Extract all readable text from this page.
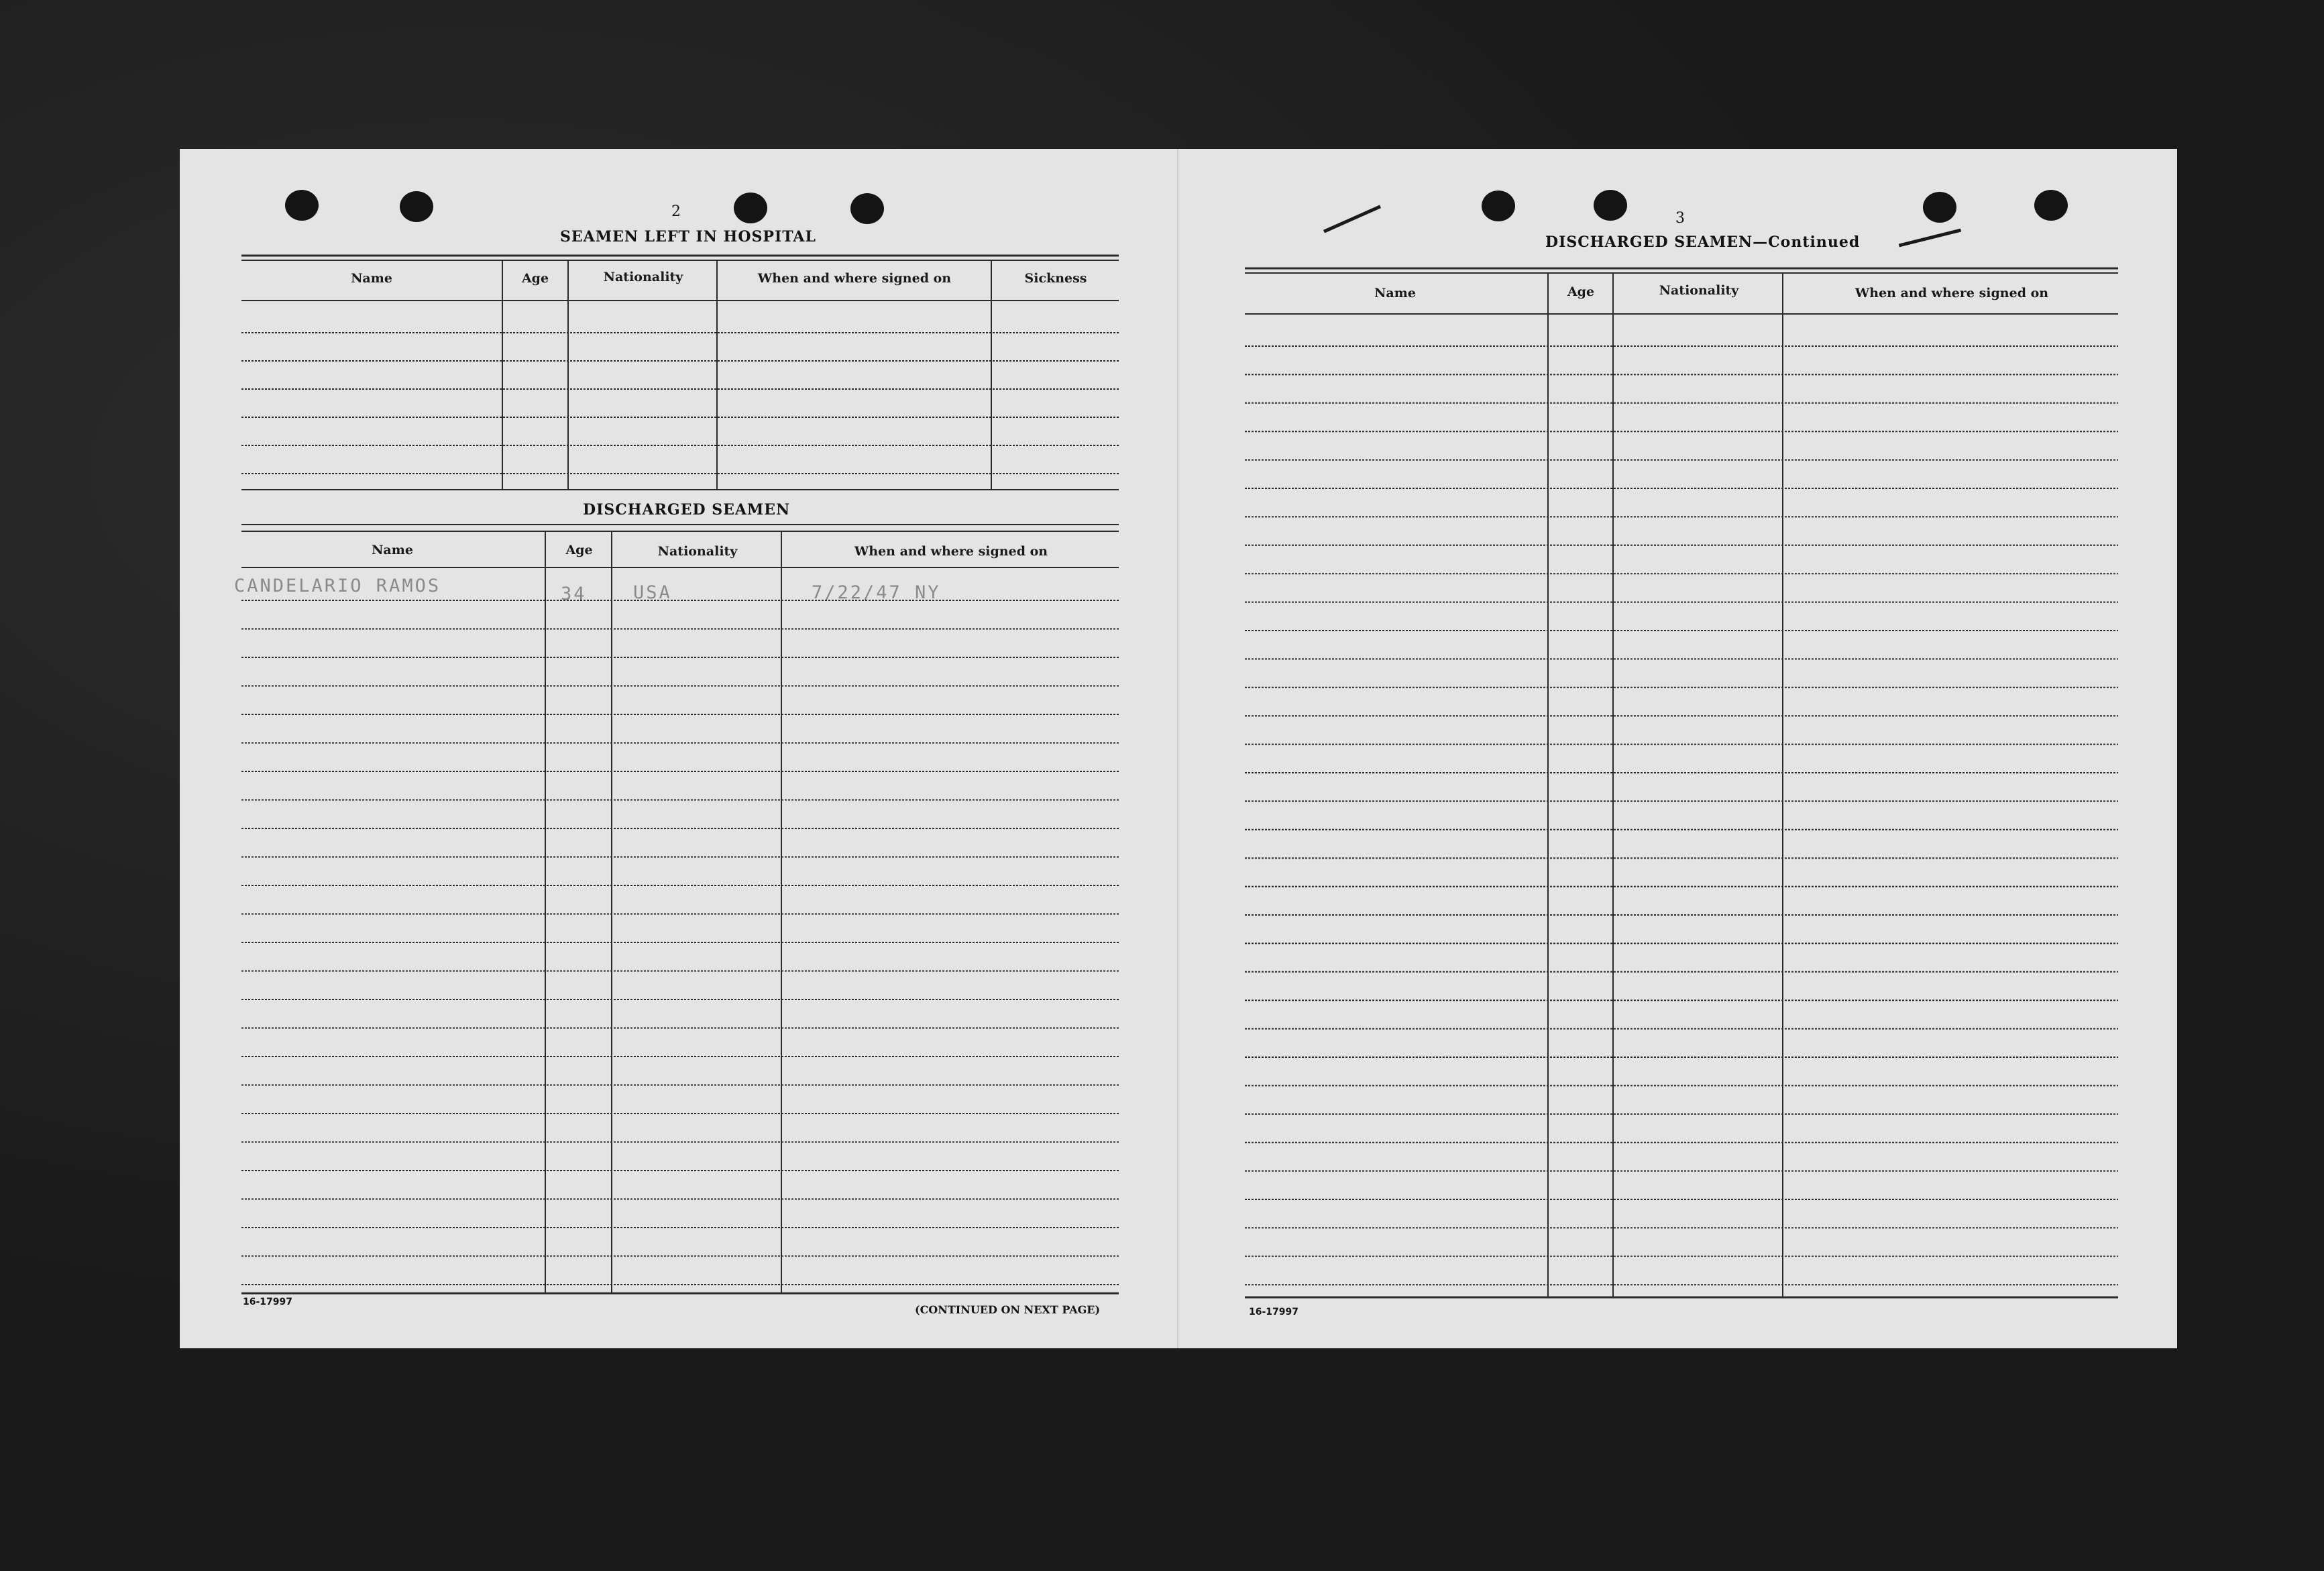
2
SEAMEN LEFT IN HOSPITAL
Name	Age	Nationality	When and where signed on	Sickness
DISCHARGED SEAMEN
Name	Age	Nationality	When and where signed on
CANDELARIO RAMOS	34	USA	7/22/47 NY
16-17997
(CONTINUED ON NEXT PAGE)
3
DISCHARGED SEAMEN—Continued
Name	Age	Nationality	When and where signed on
16-17997
